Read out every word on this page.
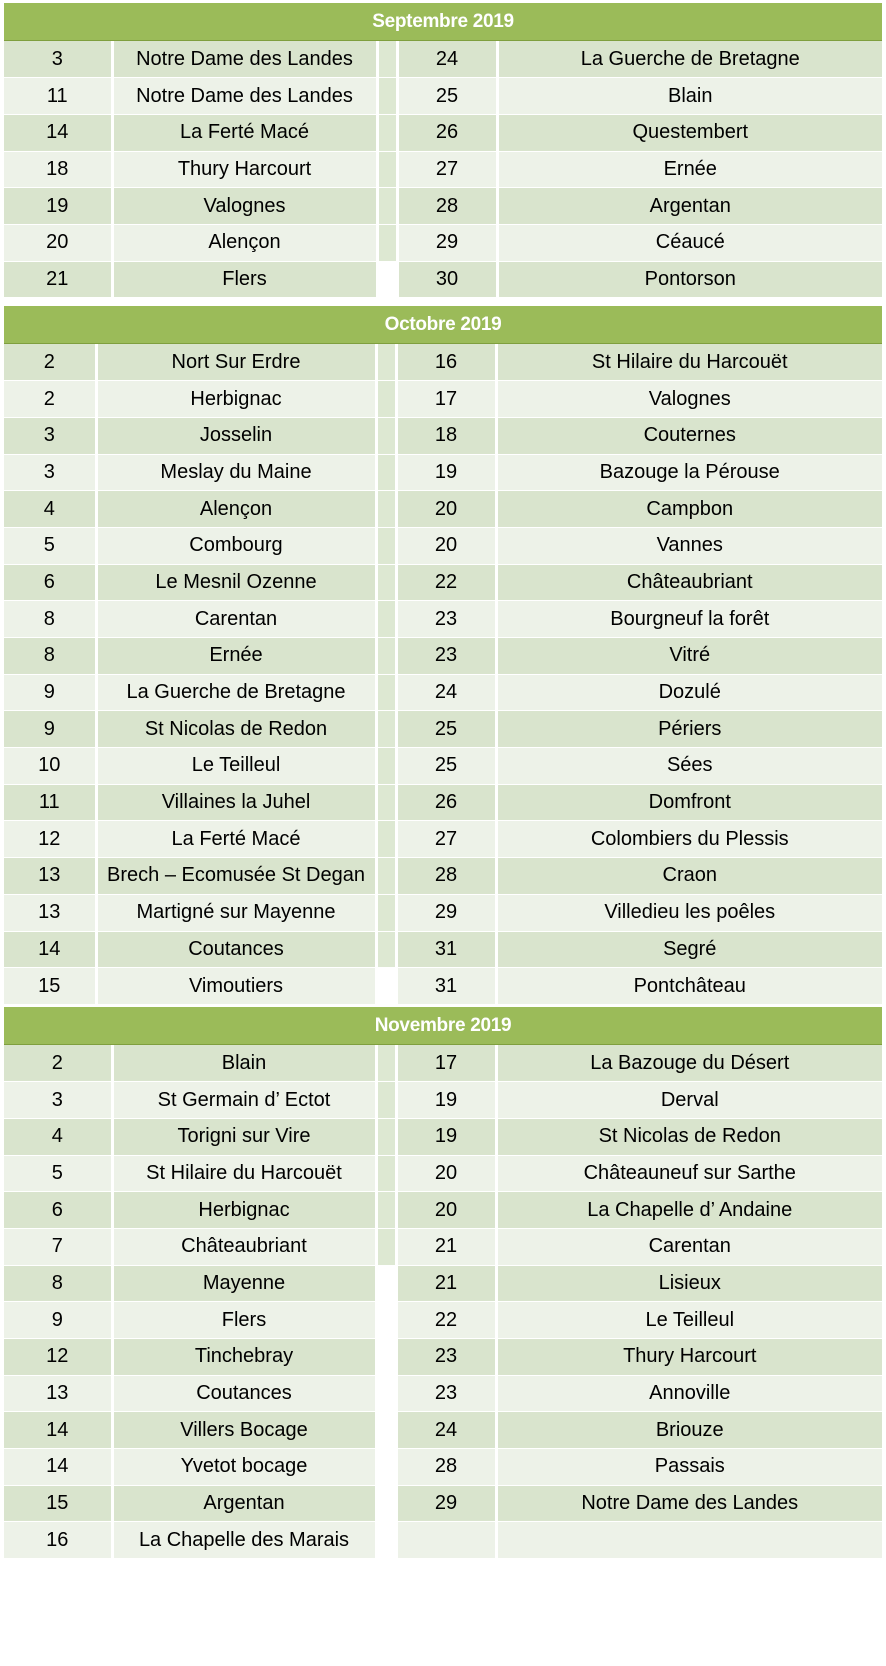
Septembre 2019
3	Notre Dame des Landes		24	La Guerche de Bretagne
11	Notre Dame des Landes		25	Blain
14	La Ferté Macé		26	Questembert
18	Thury Harcourt		27	Ernée
19	Valognes		28	Argentan
20	Alençon		29	Céaucé
21	Flers		30	Pontorson
Octobre 2019
2	Nort Sur Erdre		16	St Hilaire du Harcouët
2	Herbignac		17	Valognes
3	Josselin		18	Couternes
3	Meslay du Maine		19	Bazouge la Pérouse
4	Alençon		20	Campbon
5	Combourg		20	Vannes
6	Le Mesnil Ozenne		22	Châteaubriant
8	Carentan		23	Bourgneuf la forêt
8	Ernée		23	Vitré
9	La Guerche de Bretagne		24	Dozulé
9	St Nicolas de Redon		25	Périers
10	Le Teilleul		25	Sées
11	Villaines la Juhel		26	Domfront
12	La Ferté Macé		27	Colombiers du Plessis
13	Brech – Ecomusée St Degan		28	Craon
13	Martigné sur Mayenne		29	Villedieu les poêles
14	Coutances		31	Segré
15	Vimoutiers		31	Pontchâteau
Novembre 2019
2	Blain		17	La Bazouge du Désert
3	St Germain d’ Ectot		19	Derval
4	Torigni sur Vire		19	St Nicolas de Redon
5	St Hilaire du Harcouët		20	Châteauneuf sur Sarthe
6	Herbignac		20	La Chapelle d’ Andaine
7	Châteaubriant		21	Carentan
8	Mayenne		21	Lisieux
9	Flers		22	Le Teilleul
12	Tinchebray		23	Thury Harcourt
13	Coutances		23	Annoville
14	Villers Bocage		24	Briouze
14	Yvetot bocage		28	Passais
15	Argentan		29	Notre Dame des Landes
16	La Chapelle des Marais			
